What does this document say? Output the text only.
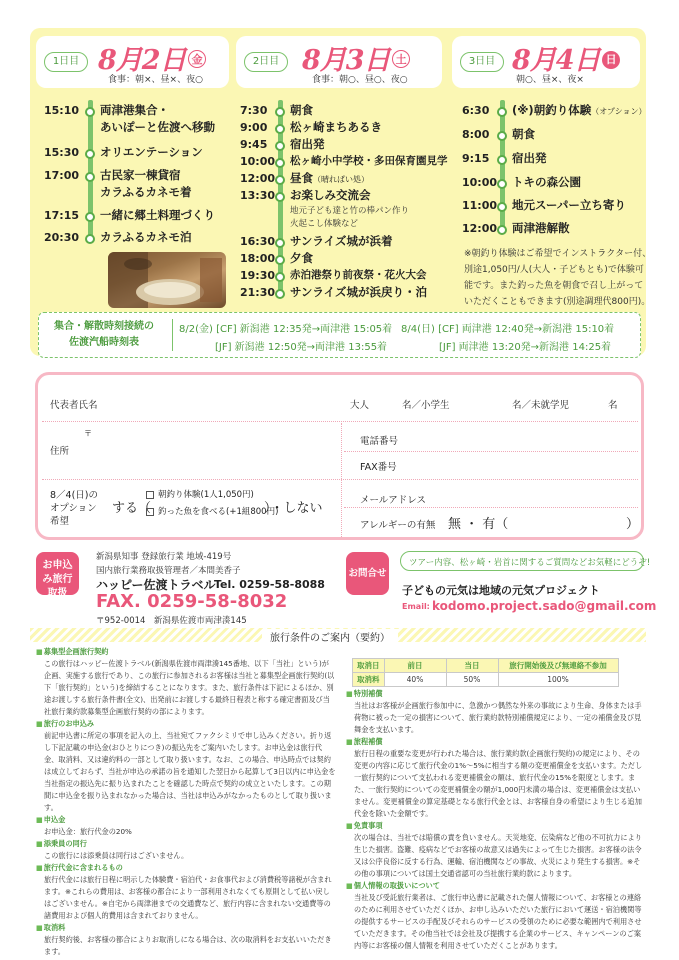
1日目 8月2日 金
食事：朝×、昼×、夜○
15:10 両津港集合・
あいぽーと佐渡へ移動
15:30 オリエンテーション
17:00 古民家一棟貸宿
カラふるカネモ着
17:15 一緒に郷土料理づくり
20:30 カラふるカネモ泊
2日目 8月3日 土
食事：朝○、昼○、夜○
7:30 朝食
9:00 松ヶ崎まちあるき
9:45 宿出発
10:00 松ヶ崎小中学校・多田保育園見学
12:00 昼食（晴れぱい処）
13:30 お楽しみ交流会
地元子ども達と竹の棒パン作り
火起こし体験など
16:30 サンライズ城が浜着
18:00 夕食
19:30 赤泊港祭り前夜祭・花火大会
21:30 サンライズ城が浜戻り・泊
3日目 8月4日 日
朝○、昼×、夜×
6:30 (※)朝釣り体験（オプション）
8:00 朝食
9:15 宿出発
10:00 トキの森公園
11:00 地元スーパー立ち寄り
12:00 両津港解散
※朝釣り体験はご希望でインストラクター付、
別途1,050円/人(大人・子どもとも)で体験可
能です。また釣った魚を朝食で召し上がって
いただくこともできます(別途調理代800円)。
集合・解散時刻接続の
佐渡汽船時刻表
8/2(金) [CF] 新潟港 12:35発→両津港 15:05着
[JF] 新潟港 12:50発→両津港 13:55着
8/4(日) [CF] 両津港 12:40発→新潟港 15:10着
[JF] 両津港 13:20発→新潟港 14:25着
代表者氏名	大人	名／小学生	名／未就学児	名
〒
住所
電話番号
FAX番号
8／4(日)の
オプション
希望
する（
朝釣り体験(1人1,050円)
釣った魚を食べる(+1組800円)
）・しない
メールアドレス
アレルギーの有無 無 ・ 有（	）
お申込み旅行取扱
新潟県知事 登録旅行業 地域-419号
国内旅行業務取扱管理者／本間美香子
ハッピー佐渡トラベル
Tel. 0259-58-8088
FAX. 0259-58-8032
〒952-0014　新潟県佐渡市両津湊145
お問合せ
ツアー内容、松ヶ崎・岩首に関するご質問などお気軽にどうぞ!
子どもの元気は地域の元気プロジェクト
Email: kodomo.project.sado@gmail.com
旅行条件のご案内（要約）
■ 募集型企画旅行契約
この旅行はハッピー佐渡トラベル(新潟県佐渡市両津湊145番地、以下「当社」という)が企画、実施する旅行であり、この旅行に参加されるお客様は当社と募集型企画旅行契約(以下「旅行契約」という)を締結することになります。また、旅行条件は下記によるほか、別途お渡しする旅行条件書(全文)、出発前にお渡しする最終日程表と称する確定書面及び当社旅行業約款募集型企画旅行契約の部によります。
■ 旅行のお申込み
前記申込書に所定の事項を記入の上、当社宛てファクシミリで申し込みください。折り返し下記記載の申込金(おひとりにつき)の振込先をご案内いたします。お申込金は旅行代金、取消料、又は違約料の一部として取り扱います。なお、この場合、申込時点では契約は成立しておらず、当社が申込の承諾の旨を通知した翌日から起算して3日以内に申込金を当社指定の振込先に振り込まれたことを確認した時点で契約の成立といたします。この期間に申込金を振り込まれなかった場合は、当社は申込みがなかったものとして取り扱います。
■ 申込金
お申込金：旅行代金の20%
■ 添乗員の同行
この旅行には添乗員は同行はございません。
■ 旅行代金に含まれるもの
旅行代金には旅行日程に明示した体験費・宿泊代・お食事代および消費税等諸税が含まれます。※これらの費用は、お客様の都合により一部利用されなくても原則として払い戻しはございません。※自宅から両津港までの交通費など、旅行内容に含まれない交通費等の諸費用および個人的費用は含まれておりません。
■ 取消料
旅行契約後、お客様の都合によりお取消しになる場合は、次の取消料をお支払いいただきます。
取消日	前日	当日	旅行開始後及び無連絡不参加
取消料	40%	50%	100%
■ 特別補償
当社はお客様が企画旅行参加中に、急激かつ偶然な外来の事故により生命、身体または手荷物に被った一定の損害について、旅行業約款特別補償規定により、一定の補償金及び見舞金を支払います。
■ 旅程補償
旅行日程の重要な変更が行われた場合は、旅行業約款(企画旅行契約)の規定により、その変更の内容に応じて旅行代金の1%～5%に相当する額の変更補償金を支払います。ただし一旅行契約について支払われる変更補償金の額は、旅行代金の15%を限度とします。また、一旅行契約についての変更補償金の額が1,000円未満の場合は、変更補償金は支払いません。変更補償金の算定基礎となる旅行代金とは、お客様自身の希望により生じる追加代金を除いた金額です。
■ 免責事項
次の場合は、当社では賠償の責を負いません。天災地変、伝染病など他の不可抗力により生じた損害。盗難、疫病などでお客様の故意又は過失によって生じた損害。お客様の法令又は公序良俗に反する行為、運輸、宿泊機関などの事故、火災により発生する損害。※その他の事項については国土交通省認可の当社旅行業約款によります。
■ 個人情報の取扱いについて
当社及び受託旅行業者は、ご旅行申込書に記載された個人情報について、お客様との連絡のために利用させていただくほか、お申し込みいただいた旅行において運送・宿泊機関等の提供するサービスの手配及びそれらのサービスの受領のために必要な範囲内で利用させていただきます。その他当社では会社及び提携する企業のサービス、キャンペーンのご案内等にお客様の個人情報を利用させていただくことがあります。
